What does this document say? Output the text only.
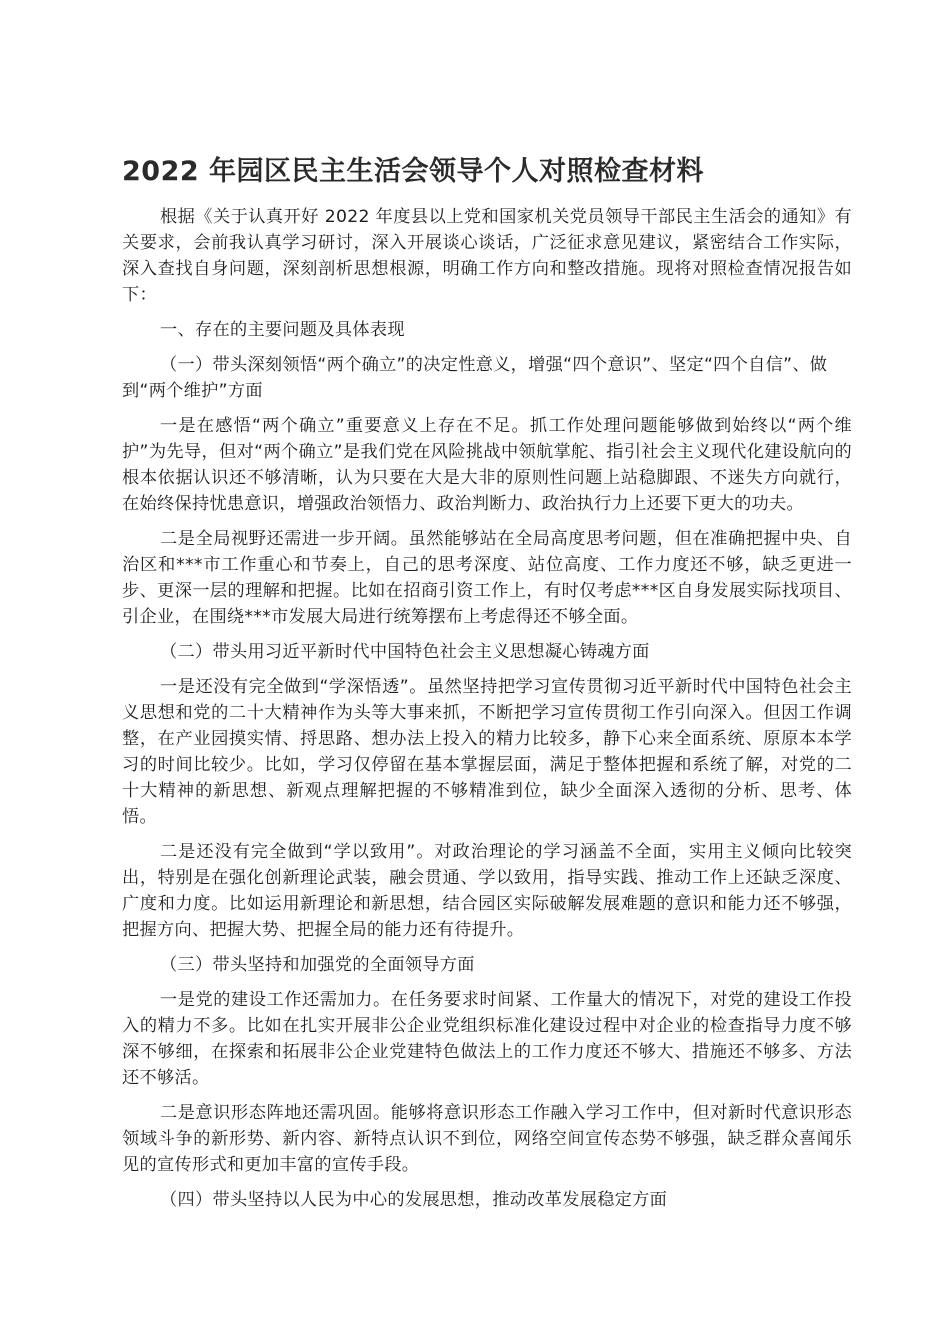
2022 年园区民主生活会领导个人对照检查材料

根据《关于认真开好 2022 年度县以上党和国家机关党员领导干部民主生活会的通知》有关要求，会前我认真学习研讨，深入开展谈心谈话，广泛征求意见建议，紧密结合工作实际，深入查找自身问题，深刻剖析思想根源，明确工作方向和整改措施。现将对照检查情况报告如下：

一、存在的主要问题及具体表现

（一）带头深刻领悟“两个确立”的决定性意义，增强“四个意识”、坚定“四个自信”、做到“两个维护”方面

一是在感悟“两个确立”重要意义上存在不足。抓工作处理问题能够做到始终以“两个维护”为先导，但对“两个确立”是我们党在风险挑战中领航掌舵、指引社会主义现代化建设航向的根本依据认识还不够清晰，认为只要在大是大非的原则性问题上站稳脚跟、不迷失方向就行，在始终保持忧患意识，增强政治领悟力、政治判断力、政治执行力上还要下更大的功夫。

二是全局视野还需进一步开阔。虽然能够站在全局高度思考问题，但在准确把握中央、自治区和***市工作重心和节奏上，自己的思考深度、站位高度、工作力度还不够，缺乏更进一步、更深一层的理解和把握。比如在招商引资工作上，有时仅考虑***区自身发展实际找项目、引企业，在围绕***市发展大局进行统筹摆布上考虑得还不够全面。

（二）带头用习近平新时代中国特色社会主义思想凝心铸魂方面

一是还没有完全做到“学深悟透”。虽然坚持把学习宣传贯彻习近平新时代中国特色社会主义思想和党的二十大精神作为头等大事来抓，不断把学习宣传贯彻工作引向深入。但因工作调整，在产业园摸实情、捋思路、想办法上投入的精力比较多，静下心来全面系统、原原本本学习的时间比较少。比如，学习仅停留在基本掌握层面，满足于整体把握和系统了解，对党的二十大精神的新思想、新观点理解把握的不够精准到位，缺少全面深入透彻的分析、思考、体悟。

二是还没有完全做到“学以致用”。对政治理论的学习涵盖不全面，实用主义倾向比较突出，特别是在强化创新理论武装，融会贯通、学以致用，指导实践、推动工作上还缺乏深度、广度和力度。比如运用新理论和新思想，结合园区实际破解发展难题的意识和能力还不够强，把握方向、把握大势、把握全局的能力还有待提升。

（三）带头坚持和加强党的全面领导方面

一是党的建设工作还需加力。在任务要求时间紧、工作量大的情况下，对党的建设工作投入的精力不多。比如在扎实开展非公企业党组织标准化建设过程中对企业的检查指导力度不够深不够细，在探索和拓展非公企业党建特色做法上的工作力度还不够大、措施还不够多、方法还不够活。

二是意识形态阵地还需巩固。能够将意识形态工作融入学习工作中，但对新时代意识形态领域斗争的新形势、新内容、新特点认识不到位，网络空间宣传态势不够强，缺乏群众喜闻乐见的宣传形式和更加丰富的宣传手段。

（四）带头坚持以人民为中心的发展思想，推动改革发展稳定方面
